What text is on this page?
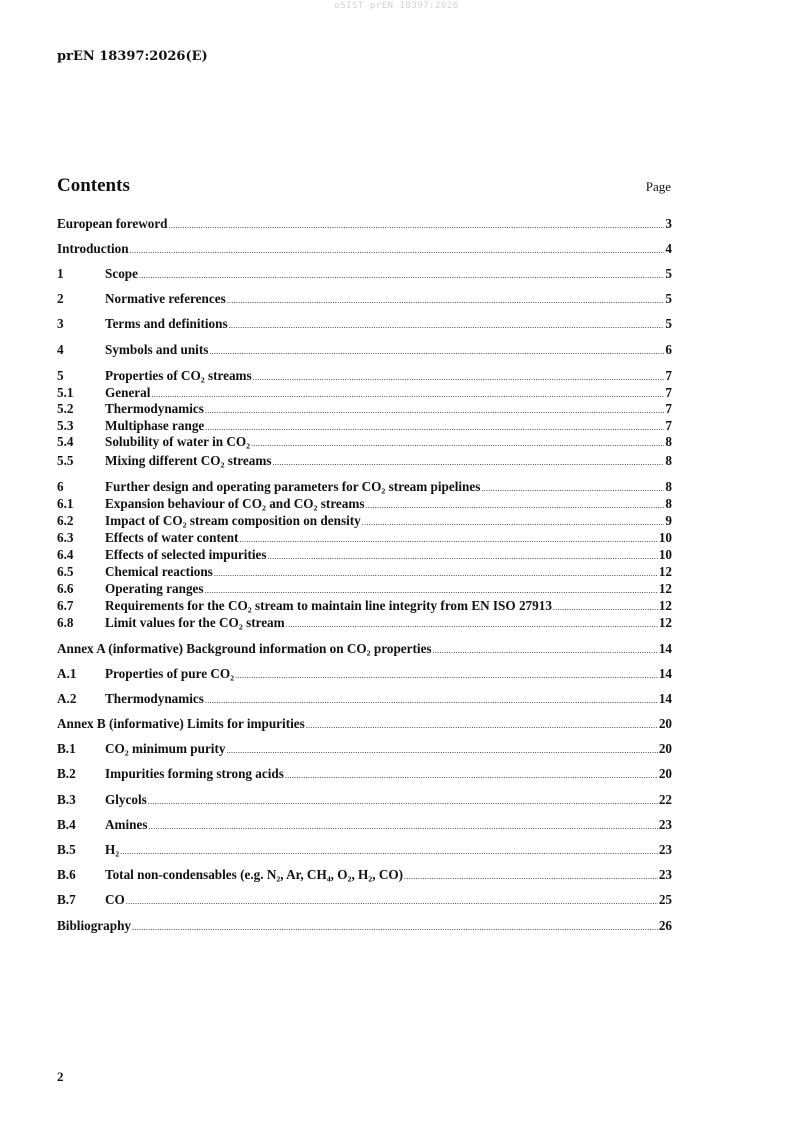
oSIST prEN 18397:2026
prEN 18397:2026(E)
Contents	Page
European foreword .....	3
Introduction .....	4
1	Scope .....	5
2	Normative references .....	5
3	Terms and definitions .....	5
4	Symbols and units .....	6
5	Properties of CO₂ streams .....	7
5.1	General .....	7
5.2	Thermodynamics .....	7
5.3	Multiphase range .....	7
5.4	Solubility of water in CO₂ .....	8
5.5	Mixing different CO₂ streams .....	8
6	Further design and operating parameters for CO₂ stream pipelines .....	8
6.1	Expansion behaviour of CO₂ and CO₂ streams .....	8
6.2	Impact of CO₂ stream composition on density .....	9
6.3	Effects of water content .....	10
6.4	Effects of selected impurities .....	10
6.5	Chemical reactions .....	12
6.6	Operating ranges .....	12
6.7	Requirements for the CO₂ stream to maintain line integrity from EN ISO 27913 .....	12
6.8	Limit values for the CO₂ stream .....	12
Annex A (informative) Background information on CO₂ properties .....	14
A.1	Properties of pure CO₂ .....	14
A.2	Thermodynamics .....	14
Annex B (informative) Limits for impurities .....	20
B.1	CO₂ minimum purity .....	20
B.2	Impurities forming strong acids .....	20
B.3	Glycols .....	22
B.4	Amines .....	23
B.5	H₂ .....	23
B.6	Total non-condensables (e.g. N₂, Ar, CH₄, O₂, H₂, CO) .....	23
B.7	CO .....	25
Bibliography .....	26
2
